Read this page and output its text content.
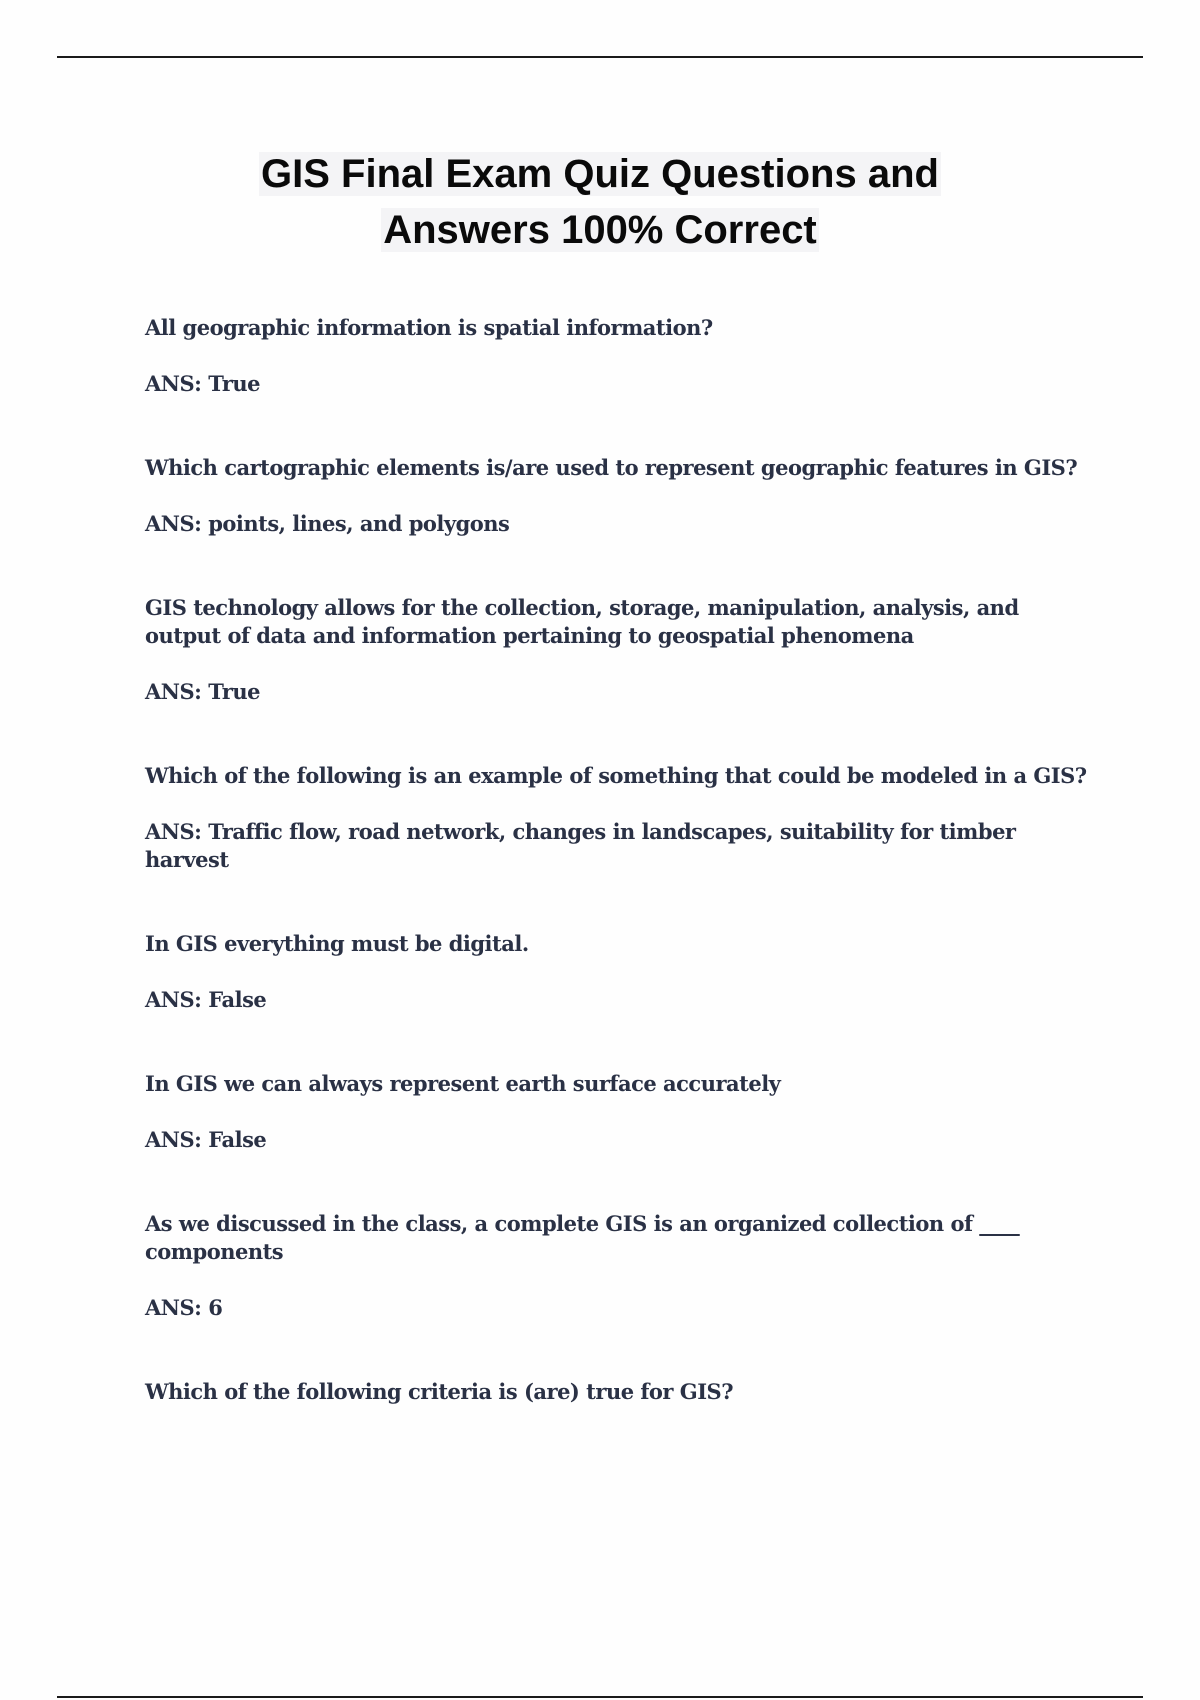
GIS Final Exam Quiz Questions and
Answers 100% Correct

All geographic information is spatial information?

ANS: True

Which cartographic elements is/are used to represent geographic features in GIS?

ANS: points, lines, and polygons

GIS technology allows for the collection, storage, manipulation, analysis, and output of data and information pertaining to geospatial phenomena

ANS: True

Which of the following is an example of something that could be modeled in a GIS?

ANS: Traffic flow, road network, changes in landscapes, suitability for timber harvest

In GIS everything must be digital.

ANS: False

In GIS we can always represent earth surface accurately

ANS: False

As we discussed in the class, a complete GIS is an organized collection of ____ components

ANS: 6

Which of the following criteria is (are) true for GIS?
